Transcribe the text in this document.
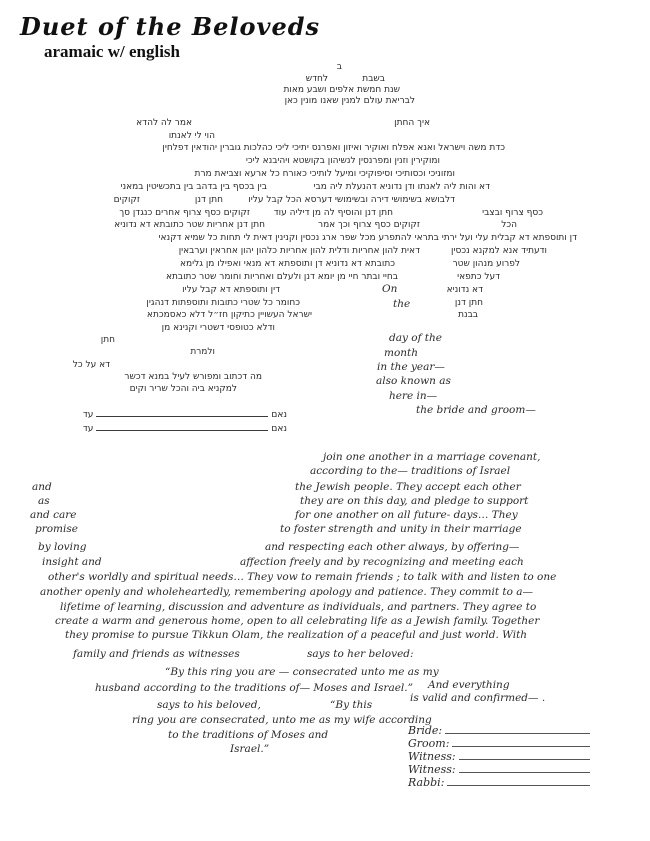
Duet of the Beloveds
aramaic w/ english
ב
בשבת
לחדש
שנת חמשת אלפים ושבע מאות
לבריאת עולם למנין שאנו מונין כאן
איך החתן
אמר לה להדא
הוי לי לאנתו
כדת משה וישראל ואנא אפלח ואוקיר ואיזון ואפרנס יתיכי ליכי כהלכות גוברין יהודאין דפלחין
ומוקירין וזנין ומפרנסין לנשיהון בקושטא ויהיבנא ליכי
ומזוניכי וכסותיכי וסיפוקיכי ומיעל לותיכי כאורח כל ארעא וצביאת מרת
דא והות ליה לאנתו ודן נדוניא דהנעלת ליה מבי
בין בכסף בין בדהב בין בתכשיטין במאני
דלבושא בשימושי דירה ובשימושי דערסא הכל קבל עליו
חתן דנן
זקוקים
כסף צרוף ובצבי
חתן דנן והוסיף לה מן דיליה עוד
זקוקים כסף צרוף אחרים כנגדן סך
הכל
זקוקים כסף צרוף וכך אמר
חתן דנן אחריות שטר כתובתא דא נדוניא
דן ותוספתא דא קבלית עלי ועל ירתי בתראי להתפרע מכל שפר ארג נכסין וקנינין דאית לי תחות כל שמיא דקנאי
ודעתיד אנא למקנא נכסין
דאית להון אחריות ודלית להון אחריות כלהון יהון אחראין וערבאין
לפרוע מנהון שטר
כתובתא דא נדוניא דן ותוספתא דא מנאי ואפילו מן גלימא
דעל כתפאי
בחיי ובתר חיי מן יומא דנן ולעלם ואחריות וחומר שטר כתובתא
דא נדוניא
דין ותוספתא דא קבל עליו
חתן דנן
כחומר כל שטרי כתובות ותוספתות דנהגין
בבנת
ישראל העשויין כתיקון חז״ל דלא כאסמכתא
ודלא כטופסי דשטרי וקנינא מן
חתן
ולמרת
דא על כל
מה דכתוב ומפורש לעיל במנא דכשר
למקניא ביה והכל שריר וקים
נאם
עד
נאם
עד
On
the
day of the
month
in the year—
also known as
here in—
the bride and groom—
join one another in a marriage covenant,
according to the— traditions of Israel
and	the Jewish people. They accept each other
as	they are on this day, and pledge to support
and care	for one another on all future- days… They
promise	to foster strength and unity in their marriage
by loving	and respecting each other always, by offering—
insight and	affection freely and by recognizing and meeting each
other's worldly and spiritual needs… They vow to remain friends ; to talk with and listen to one
another openly and wholeheartedly, remembering apology and patience. They commit to a—
lifetime of learning, discussion and adventure as individuals, and partners. They agree to
create a warm and generous home, open to all celebrating life as a Jewish family. Together
they promise to pursue Tikkun Olam, the realization of a peaceful and just world. With
family and friends as witnesses	says to her beloved:
“By this ring you are — consecrated unto me as my
husband according to the traditions of— Moses and Israel.” And everything
is valid and confirmed— .
says to his beloved,	“By this
ring you are consecrated, unto me as my wife according
to the traditions of Moses and
Israel.”
Bride:
Groom:
Witness:
Witness:
Rabbi:
